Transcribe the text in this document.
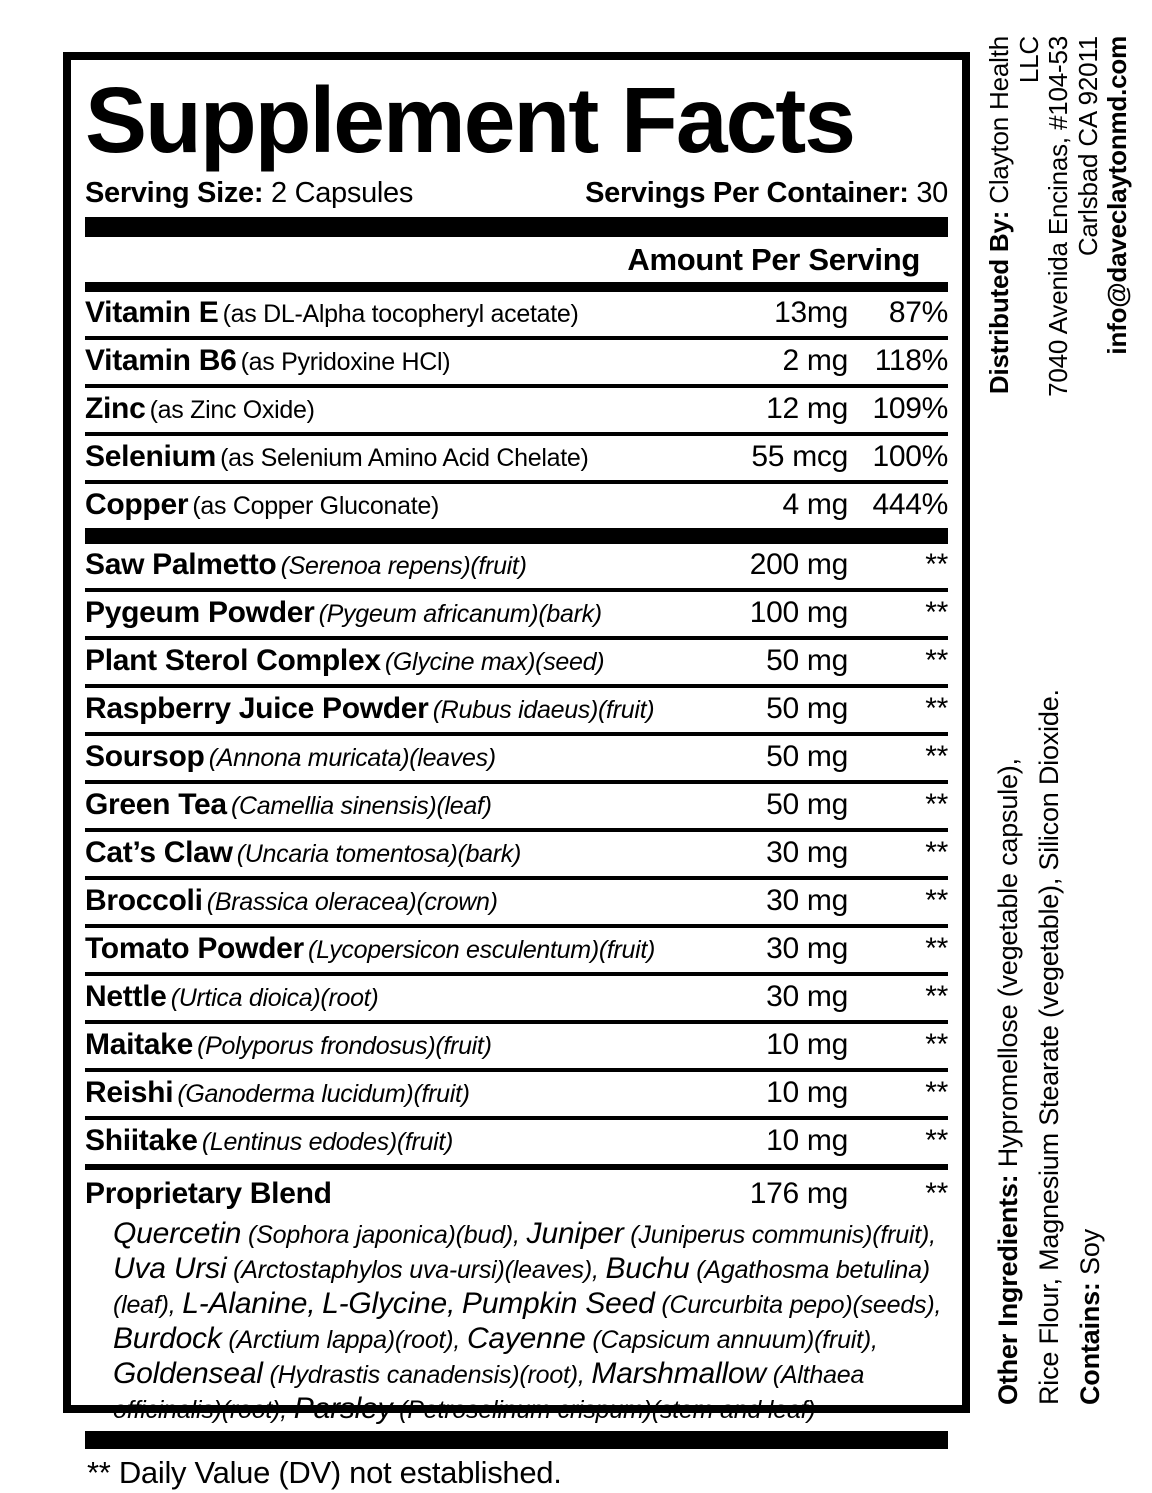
Supplement Facts
Serving Size: 2 Capsules	Servings Per Container: 30
Amount Per Serving
Vitamin E (as DL-Alpha tocopheryl acetate)	13mg	87%
Vitamin B6 (as Pyridoxine HCl)	2 mg 118%
Zinc (as Zinc Oxide)	12 mg 109%
Selenium (as Selenium Amino Acid Chelate)	55 mcg 100%
Copper (as Copper Gluconate)	4 mg 444%
Saw Palmetto (Serenoa repens)(fruit)	200 mg	**
Pygeum Powder (Pygeum africanum)(bark)	100 mg	**
Plant Sterol Complex (Glycine max)(seed)	50 mg	**
Raspberry Juice Powder (Rubus idaeus)(fruit)	50 mg	**
Soursop (Annona muricata)(leaves)	50 mg	**
Green Tea (Camellia sinensis)(leaf)	50 mg	**
Cat’s Claw (Uncaria tomentosa)(bark)	30 mg	**
Broccoli (Brassica oleracea)(crown)	30 mg	**
Tomato Powder (Lycopersicon esculentum)(fruit)	30 mg	**
Nettle (Urtica dioica)(root)	30 mg	**
Maitake (Polyporus frondosus)(fruit)	10 mg	**
Reishi (Ganoderma lucidum)(fruit)	10 mg	**
Shiitake (Lentinus edodes)(fruit)	10 mg	**
Proprietary Blend	176 mg	**

Quercetin (Sophora japonica)(bud), Juniper (Juniperus communis)(fruit), Uva Ursi (Arctostaphylos uva-ursi)(leaves), Buchu (Agathosma betulina)(leaf), L-Alanine, L-Glycine, Pumpkin Seed (Curcurbita pepo)(seeds), Burdock (Arctium lappa)(root), Cayenne (Capsicum annuum)(fruit), Goldenseal (Hydrastis canadensis)(root), Marshmallow (Althaea officinalis)(root), Parsley (Petroselinum crispum)(stem and leaf)

** Daily Value (DV) not established.
Distributed By: Clayton Health LLC 7040 Avenida Encinas, #104-53 Carlsbad CA 92011 info@daveclaytonmd.com
Other Ingredients: Hypromellose (vegetable capsule), Rice Flour, Magnesium Stearate (vegetable), Silicon Dioxide. Contains: Soy
